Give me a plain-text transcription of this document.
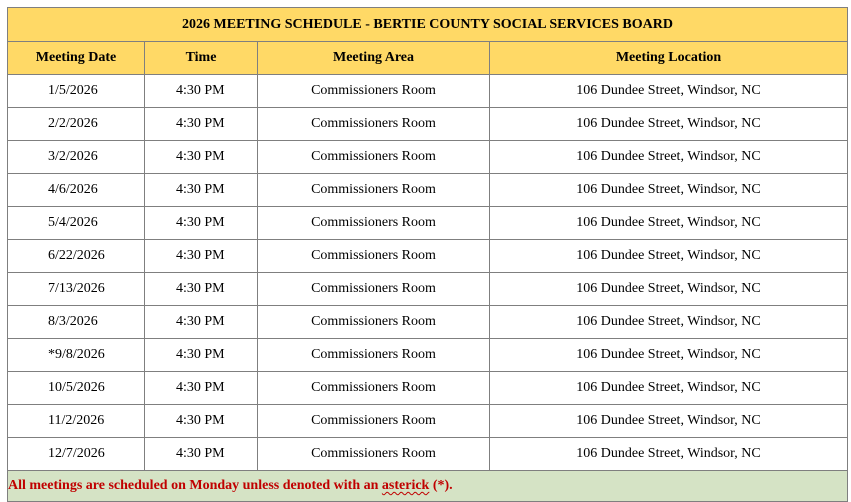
2026 MEETING SCHEDULE - BERTIE COUNTY SOCIAL SERVICES BOARD			
Meeting Date	Time	Meeting Area	Meeting Location
1/5/2026	4:30 PM	Commissioners Room	106 Dundee Street, Windsor, NC
2/2/2026	4:30 PM	Commissioners Room	106 Dundee Street, Windsor, NC
3/2/2026	4:30 PM	Commissioners Room	106 Dundee Street, Windsor, NC
4/6/2026	4:30 PM	Commissioners Room	106 Dundee Street, Windsor, NC
5/4/2026	4:30 PM	Commissioners Room	106 Dundee Street, Windsor, NC
6/22/2026	4:30 PM	Commissioners Room	106 Dundee Street, Windsor, NC
7/13/2026	4:30 PM	Commissioners Room	106 Dundee Street, Windsor, NC
8/3/2026	4:30 PM	Commissioners Room	106 Dundee Street, Windsor, NC
*9/8/2026	4:30 PM	Commissioners Room	106 Dundee Street, Windsor, NC
10/5/2026	4:30 PM	Commissioners Room	106 Dundee Street, Windsor, NC
11/2/2026	4:30 PM	Commissioners Room	106 Dundee Street, Windsor, NC
12/7/2026	4:30 PM	Commissioners Room	106 Dundee Street, Windsor, NC
All meetings are scheduled on Monday unless denoted with an asterick (*).			
